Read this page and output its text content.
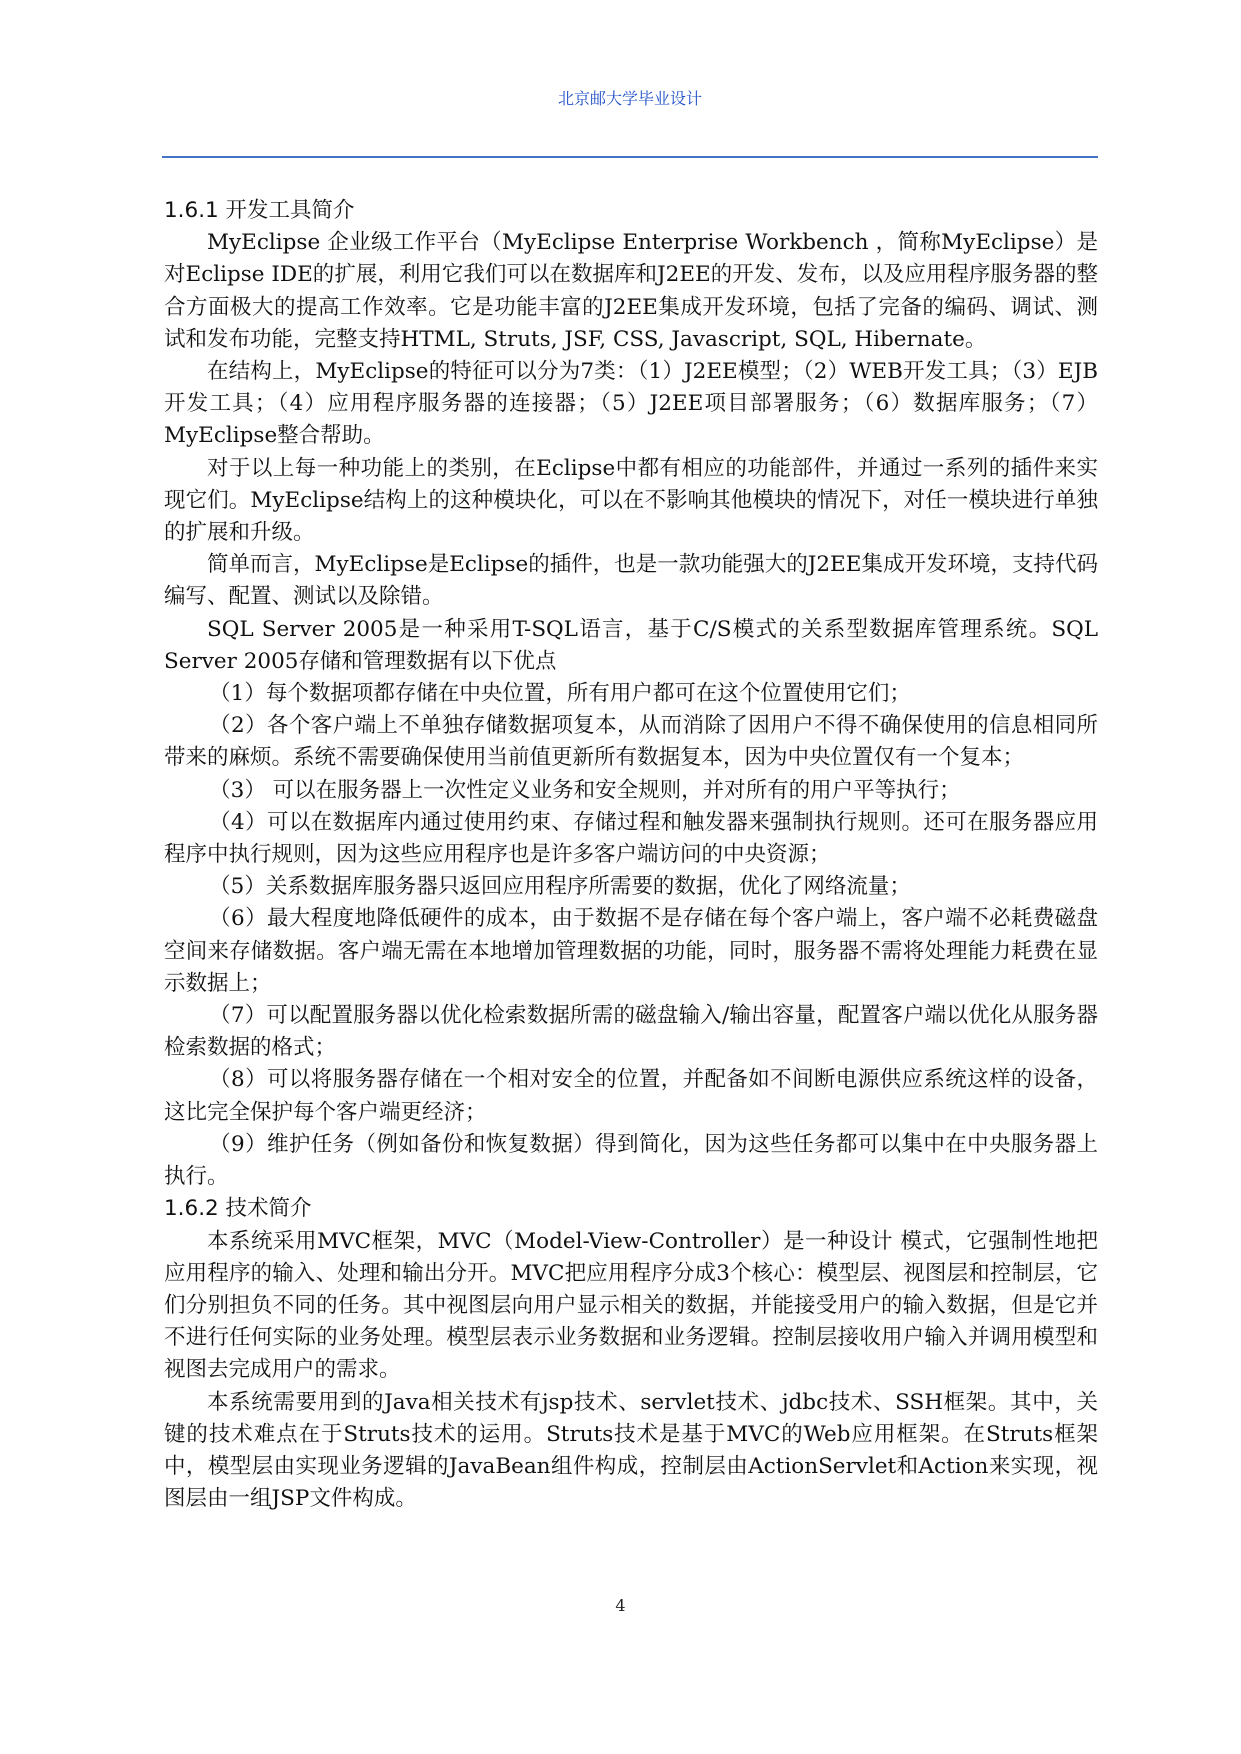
北京邮大学毕业设计
1.6.1 开发工具简介

MyEclipse 企业级工作平台（MyEclipse Enterprise Workbench ，简称MyEclipse）是对Eclipse IDE的扩展，利用它我们可以在数据库和J2EE的开发、发布，以及应用程序服务器的整合方面极大的提高工作效率。它是功能丰富的J2EE集成开发环境，包括了完备的编码、调试、测试和发布功能，完整支持HTML, Struts, JSF, CSS, Javascript, SQL, Hibernate。

在结构上，MyEclipse的特征可以分为7类：（1）J2EE模型；（2）WEB开发工具；（3）EJB开发工具；（4）应用程序服务器的连接器；（5）J2EE项目部署服务；（6）数据库服务；（7）MyEclipse整合帮助。

对于以上每一种功能上的类别，在Eclipse中都有相应的功能部件，并通过一系列的插件来实现它们。MyEclipse结构上的这种模块化，可以在不影响其他模块的情况下，对任一模块进行单独的扩展和升级。

简单而言，MyEclipse是Eclipse的插件，也是一款功能强大的J2EE集成开发环境，支持代码编写、配置、测试以及除错。

SQL Server 2005是一种采用T-SQL语言，基于C/S模式的关系型数据库管理系统。SQL Server 2005存储和管理数据有以下优点

（1）每个数据项都存储在中央位置，所有用户都可在这个位置使用它们；

（2）各个客户端上不单独存储数据项复本，从而消除了因用户不得不确保使用的信息相同所带来的麻烦。系统不需要确保使用当前值更新所有数据复本，因为中央位置仅有一个复本；

（3） 可以在服务器上一次性定义业务和安全规则，并对所有的用户平等执行；

（4）可以在数据库内通过使用约束、存储过程和触发器来强制执行规则。还可在服务器应用程序中执行规则，因为这些应用程序也是许多客户端访问的中央资源；

（5）关系数据库服务器只返回应用程序所需要的数据，优化了网络流量；

（6）最大程度地降低硬件的成本，由于数据不是存储在每个客户端上，客户端不必耗费磁盘空间来存储数据。客户端无需在本地增加管理数据的功能，同时，服务器不需将处理能力耗费在显示数据上；

（7）可以配置服务器以优化检索数据所需的磁盘输入/输出容量，配置客户端以优化从服务器检索数据的格式；

（8）可以将服务器存储在一个相对安全的位置，并配备如不间断电源供应系统这样的设备，这比完全保护每个客户端更经济；

（9）维护任务（例如备份和恢复数据）得到简化，因为这些任务都可以集中在中央服务器上执行。

1.6.2 技术简介

本系统采用MVC框架，MVC（Model-View-Controller）是一种设计 模式，它强制性地把应用程序的输入、处理和输出分开。MVC把应用程序分成3个核心：模型层、视图层和控制层，它们分别担负不同的任务。其中视图层向用户显示相关的数据，并能接受用户的输入数据，但是它并不进行任何实际的业务处理。模型层表示业务数据和业务逻辑。控制层接收用户输入并调用模型和视图去完成用户的需求。

本系统需要用到的Java相关技术有jsp技术、servlet技术、jdbc技术、SSH框架。其中，关键的技术难点在于Struts技术的运用。Struts技术是基于MVC的Web应用框架。在Struts框架中，模型层由实现业务逻辑的JavaBean组件构成，控制层由ActionServlet和Action来实现，视图层由一组JSP文件构成。

4
